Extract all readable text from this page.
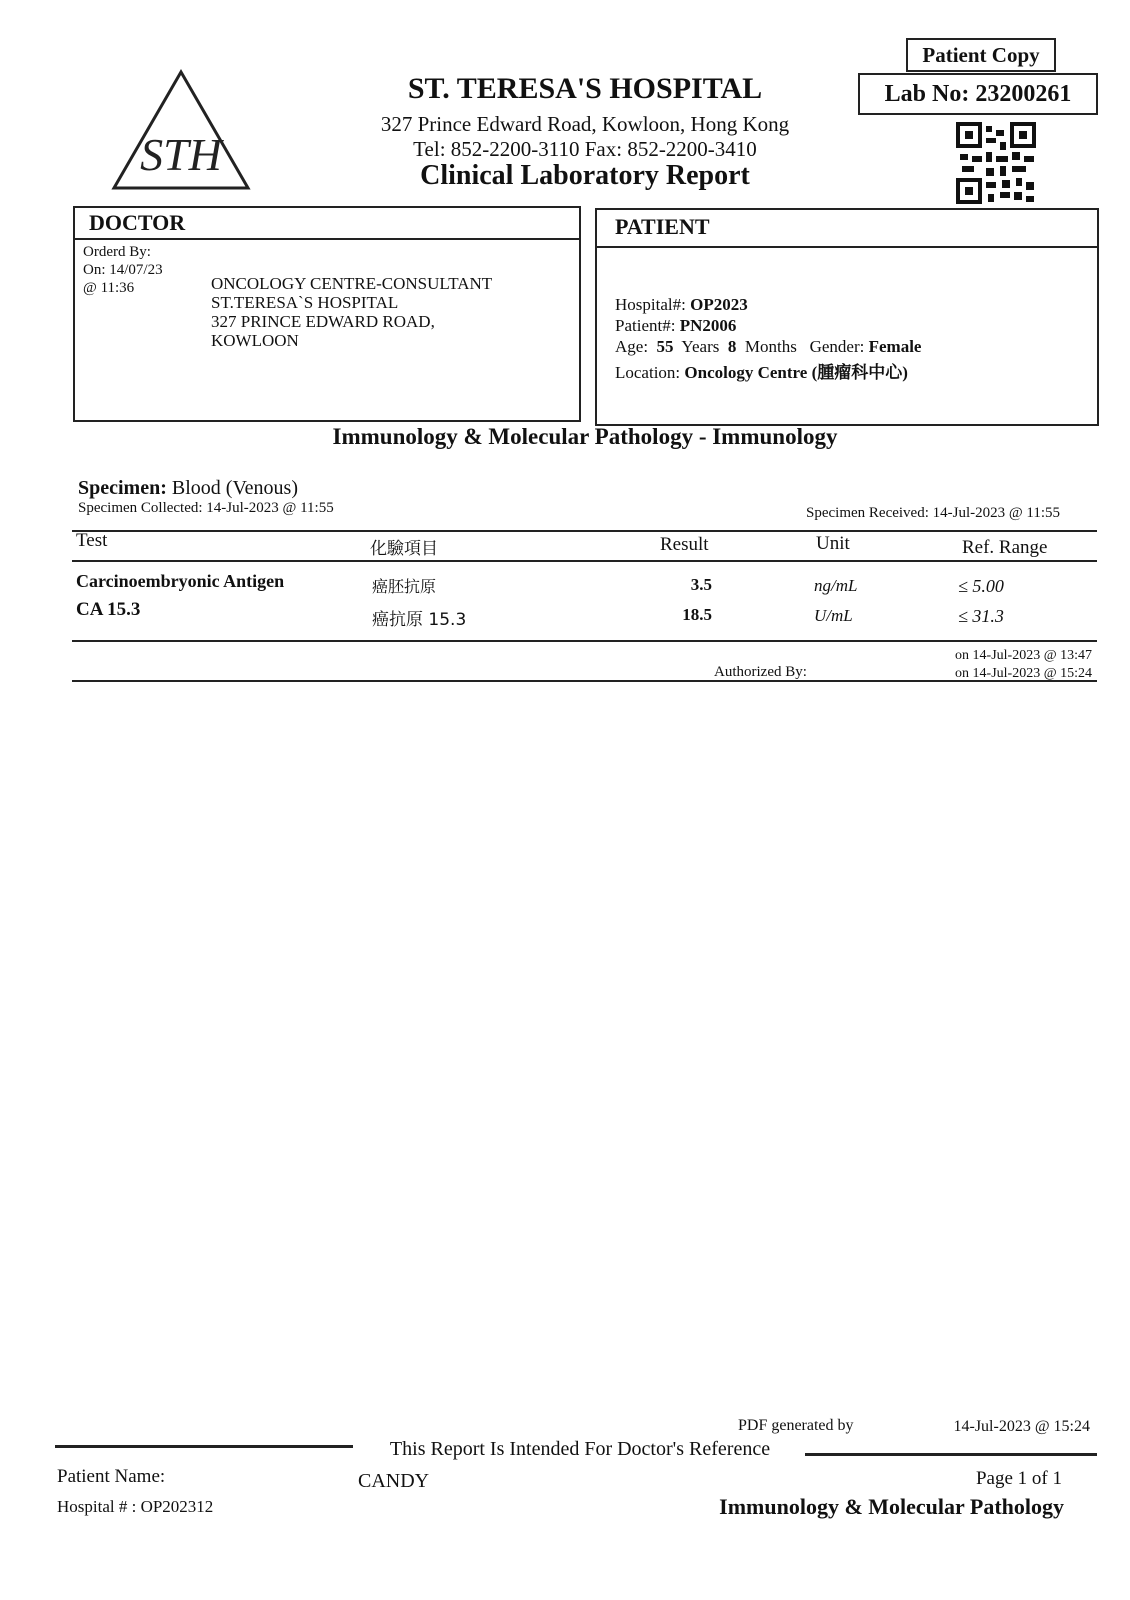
STH
ST. TERESA'S HOSPITAL
327 Prince Edward Road, Kowloon, Hong Kong
Tel: 852-2200-3110 Fax: 852-2200-3410
Clinical Laboratory Report
Patient Copy
Lab No: 23200261
DOCTOR
Orderd By:
On: 14/07/23
@ 11:36	ONCOLOGY CENTRE-CONSULTANT
ST.TERESA`S HOSPITAL
327 PRINCE EDWARD ROAD,
KOWLOON
PATIENT
Hospital#: OP2023
Patient#: PN2006
Age: 55 Years 8 Months Gender: Female
Location: Oncology Centre (腫瘤科中心)
Immunology & Molecular Pathology - Immunology
Specimen: Blood (Venous)
Specimen Collected: 14-Jul-2023 @ 11:55	Specimen Received: 14-Jul-2023 @ 11:55
Test	化驗項目	Result	Unit	Ref. Range
Carcinoembryonic Antigen	癌胚抗原	3.5	ng/mL	≤ 5.00
CA 15.3	癌抗原 15.3	18.5	U/mL	≤ 31.3
Authorized By:
on 14-Jul-2023 @ 13:47
on 14-Jul-2023 @ 15:24
PDF generated by	14-Jul-2023 @ 15:24
This Report Is Intended For Doctor's Reference
Patient Name:	CANDY	Page 1 of 1
Hospital # : OP202312	Immunology & Molecular Pathology
